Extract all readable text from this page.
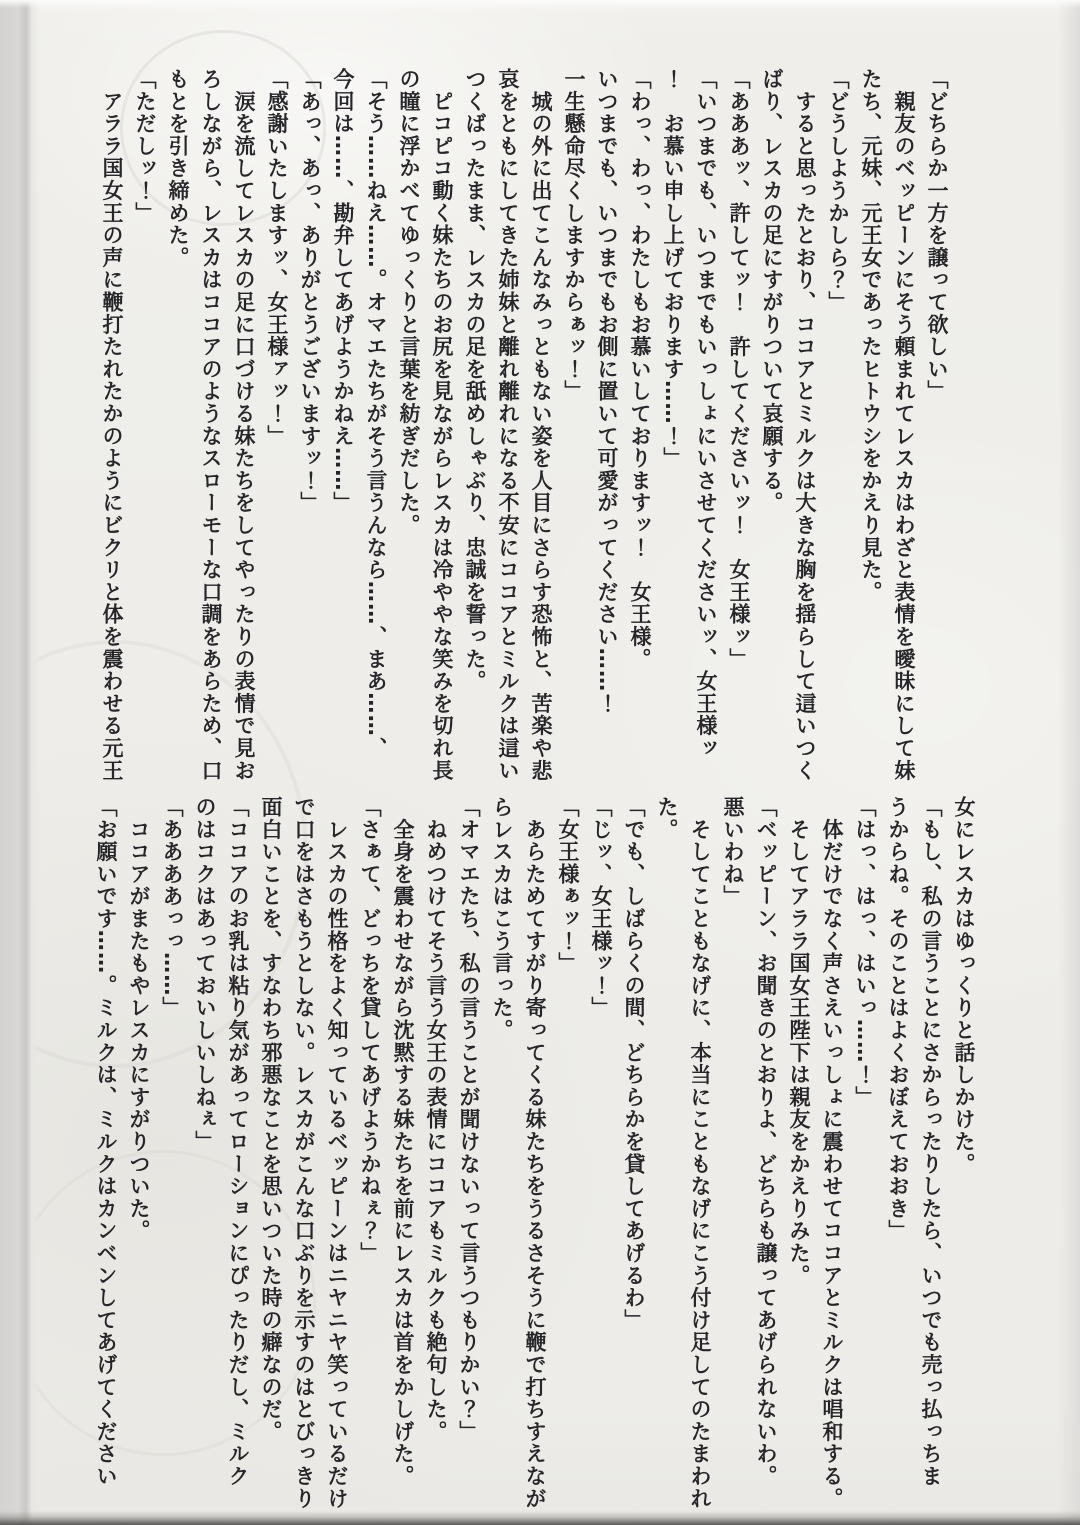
「どちらか一方を譲って欲しい」

　親友のベッピーンにそう頼まれてレスカはわざと表情を曖昧にして妹

たち、元妹、元王女であったヒトウシをかえり見た。

「どうしようかしら？」

　すると思ったとおり、ココアとミルクは大きな胸を揺らして這いつく

ばり、レスカの足にすがりついて哀願する。

「あああッ、許してッ！　許してくださいッ！　女王様ッ」

「いつまでも、いつまでもいっしょにいさせてくださいッ、女王様ッ

！　お慕い申し上げております……！」

「わっ、わっ、わたしもお慕いしておりますッ！　女王様。

いつまでも、いつまでもお側に置いて可愛がってください……！

一生懸命尽くしますからぁッ！」

　城の外に出てこんなみっともない姿を人目にさらす恐怖と、苦楽や悲

哀をともにしてきた姉妹と離れ離れになる不安にココアとミルクは這い

つくばったまま、レスカの足を舐めしゃぶり、忠誠を誓った。

　ピコピコ動く妹たちのお尻を見ながらレスカは冷ややな笑みを切れ長

の瞳に浮かべてゆっくりと言葉を紡ぎだした。

「そう……ねえ……。オマエたちがそう言うんなら……、まあ……、

今回は……、勘弁してあげようかねえ……」

「あっ、あっ、ありがとうございますッ！」

「感謝いたしますッ、女王様ァッ！」

　涙を流してレスカの足に口づける妹たちをしてやったりの表情で見お

ろしながら、レスカはココアのようなスローモーな口調をあらため、口

もとを引き締めた。

「ただしッ！」

　アララ国女王の声に鞭打たれたかのようにビクリと体を震わせる元王

女にレスカはゆっくりと話しかけた。

「もし、私の言うことにさからったりしたら、いつでも売っ払っちま

うからね。そのことはよくおぼえておおき」

「はっ、はっ、はいっ……！」

　体だけでなく声さえいっしょに震わせてココアとミルクは唱和する。

　そしてアララ国女王陛下は親友をかえりみた。

「ベッピーン、お聞きのとおりよ、どちらも譲ってあげられないわ。

悪いわね」

　そしてこともなげに、本当にこともなげにこう付け足してのたまわれ

た。

「でも、しばらくの間、どちらかを貸してあげるわ」

「じッ、女王様ッ！」

「女王様ぁッ！」

　あらためてすがり寄ってくる妹たちをうるさそうに鞭で打ちすえなが

らレスカはこう言った。

「オマエたち、私の言うことが聞けないって言うつもりかい？」

　ねめつけてそう言う女王の表情にココアもミルクも絶句した。

　全身を震わせながら沈黙する妹たちを前にレスカは首をかしげた。

「さぁて、どっちを貸してあげようかねぇ？」

　レスカの性格をよく知っているベッピーンはニヤニヤ笑っているだけ

で口をはさもうとしない。レスカがこんな口ぶりを示すのはとびっきり

面白いことを、すなわち邪悪なことを思いついた時の癖なのだ。

「ココアのお乳は粘り気があってローションにぴったりだし、ミルク

のはコクはあっておいしいしねぇ」

「ああああっっ……」

　ココアがまたもやレスカにすがりついた。

「お願いです……。ミルクは、ミルクはカンベンしてあげてください
